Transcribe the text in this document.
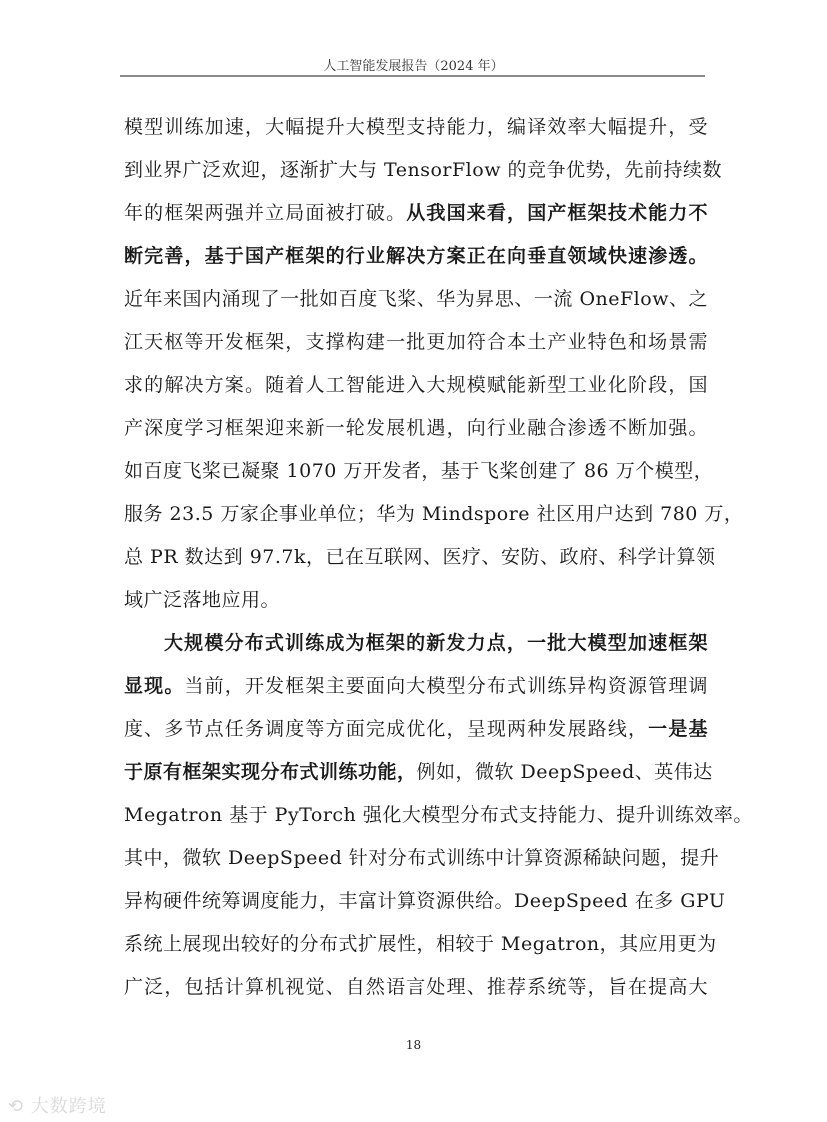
人工智能发展报告（2024 年）
模型训练加速，大幅提升大模型支持能力，编译效率大幅提升，受
到业界广泛欢迎，逐渐扩大与 TensorFlow 的竞争优势，先前持续数
年的框架两强并立局面被打破。从我国来看，国产框架技术能力不
断完善，基于国产框架的行业解决方案正在向垂直领域快速渗透。
近年来国内涌现了一批如百度飞桨、华为昇思、一流 OneFlow、之
江天枢等开发框架，支撑构建一批更加符合本土产业特色和场景需
求的解决方案。随着人工智能进入大规模赋能新型工业化阶段，国
产深度学习框架迎来新一轮发展机遇，向行业融合渗透不断加强。
如百度飞桨已凝聚 1070 万开发者，基于飞桨创建了 86 万个模型，
服务 23.5 万家企事业单位；华为 Mindspore 社区用户达到 780 万，
总 PR 数达到 97.7k，已在互联网、医疗、安防、政府、科学计算领
域广泛落地应用。
大规模分布式训练成为框架的新发力点，一批大模型加速框架
显现。当前，开发框架主要面向大模型分布式训练异构资源管理调
度、多节点任务调度等方面完成优化，呈现两种发展路线，一是基
于原有框架实现分布式训练功能，例如，微软 DeepSpeed、英伟达
Megatron 基于 PyTorch 强化大模型分布式支持能力、提升训练效率。
其中，微软 DeepSpeed 针对分布式训练中计算资源稀缺问题，提升
异构硬件统筹调度能力，丰富计算资源供给。DeepSpeed 在多 GPU
系统上展现出较好的分布式扩展性，相较于 Megatron，其应用更为
广泛，包括计算机视觉、自然语言处理、推荐系统等，旨在提高大
18
⟲ 大数跨境
